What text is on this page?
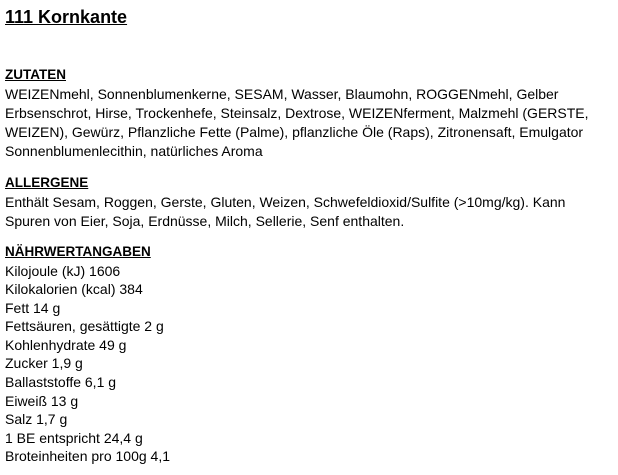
111 Kornkante
ZUTATEN
WEIZENmehl, Sonnenblumenkerne, SESAM, Wasser, Blaumohn, ROGGENmehl, Gelber Erbsenschrot, Hirse, Trockenhefe, Steinsalz, Dextrose, WEIZENferment, Malzmehl (GERSTE, WEIZEN), Gewürz, Pflanzliche Fette (Palme), pflanzliche Öle (Raps), Zitronensaft, Emulgator Sonnenblumenlecithin, natürliches Aroma
ALLERGENE
Enthält Sesam, Roggen, Gerste, Gluten, Weizen, Schwefeldioxid/Sulfite (>10mg/kg). Kann Spuren von Eier, Soja, Erdnüsse, Milch, Sellerie, Senf enthalten.
NÄHRWERTANGABEN
Kilojoule (kJ) 1606
Kilokalorien (kcal) 384
Fett 14 g
Fettsäuren, gesättigte 2 g
Kohlenhydrate 49 g
Zucker 1,9 g
Ballaststoffe 6,1 g
Eiweiß 13 g
Salz 1,7 g
1 BE entspricht 24,4 g
Broteinheiten pro 100g 4,1
